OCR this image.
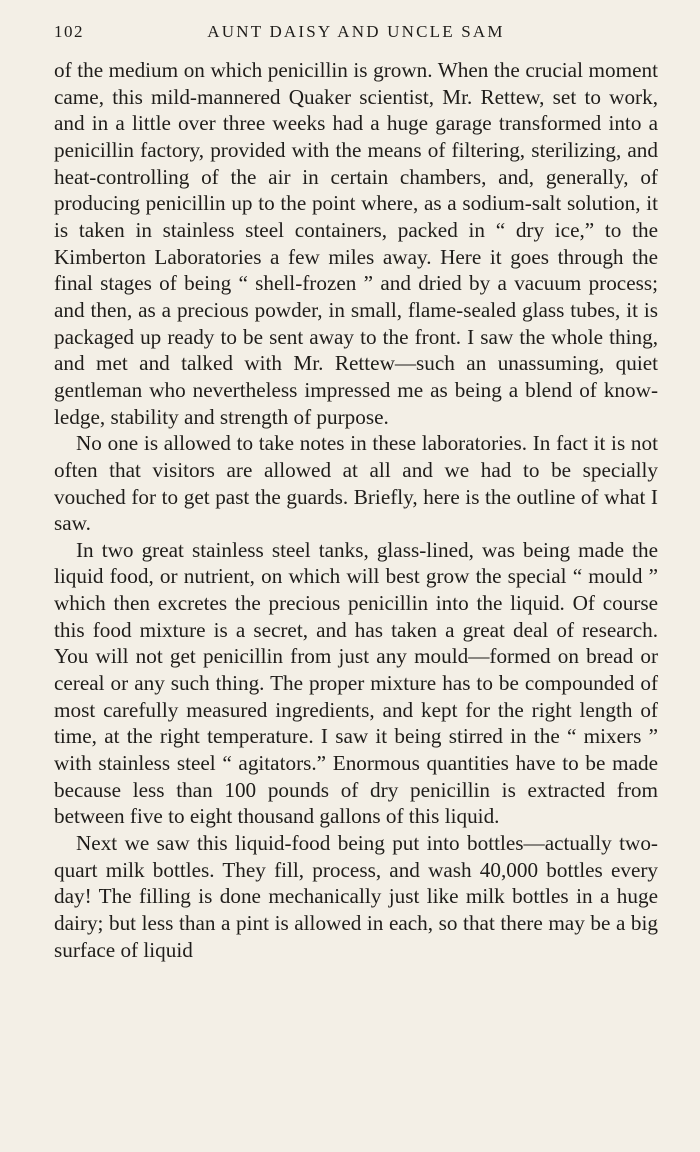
102	AUNT DAISY AND UNCLE SAM

of the medium on which penicillin is grown. When the crucial moment came, this mild-mannered Quaker scientist, Mr. Rettew, set to work, and in a little over three weeks had a huge garage transformed into a penicillin factory, provided with the means of filtering, sterilizing, and heat-controlling of the air in certain chambers, and, generally, of producing penicillin up to the point where, as a sodium-salt solution, it is taken in stainless steel containers, packed in “ dry ice,” to the Kimberton Laboratories a few miles away. Here it goes through the final stages of being “ shell-frozen ” and dried by a vacuum process; and then, as a precious powder, in small, flame-sealed glass tubes, it is packaged up ready to be sent away to the front. I saw the whole thing, and met and talked with Mr. Rettew—such an unassuming, quiet gentleman who nevertheless impressed me as being a blend of knowledge, stability and strength of purpose.

No one is allowed to take notes in these laboratories. In fact it is not often that visitors are allowed at all and we had to be specially vouched for to get past the guards. Briefly, here is the outline of what I saw.

In two great stainless steel tanks, glass-lined, was being made the liquid food, or nutrient, on which will best grow the special “ mould ” which then excretes the precious penicillin into the liquid. Of course this food mixture is a secret, and has taken a great deal of research. You will not get penicillin from just any mould—formed on bread or cereal or any such thing. The proper mixture has to be compounded of most carefully measured ingredients, and kept for the right length of time, at the right temperature. I saw it being stirred in the “ mixers ” with stainless steel “ agitators.” Enormous quantities have to be made because less than 100 pounds of dry penicillin is extracted from between five to eight thousand gallons of this liquid.

Next we saw this liquid-food being put into bottles—actually two-quart milk bottles. They fill, process, and wash 40,000 bottles every day! The filling is done mechanically just like milk bottles in a huge dairy; but less than a pint is allowed in each, so that there may be a big surface of liquid
